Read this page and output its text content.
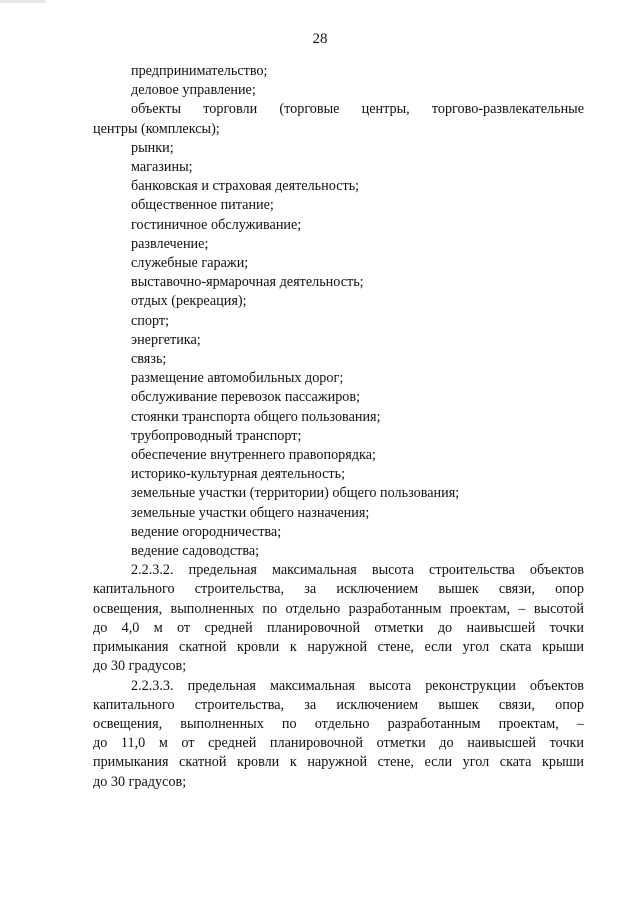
28

предпринимательство;

деловое управление;

объекты торговли (торговые центры, торгово-развлекательные
центры (комплексы);

рынки;

магазины;

банковская и страховая деятельность;

общественное питание;

гостиничное обслуживание;

развлечение;

служебные гаражи;

выставочно-ярмарочная деятельность;

отдых (рекреация);

спорт;

энергетика;

связь;

размещение автомобильных дорог;

обслуживание перевозок пассажиров;

стоянки транспорта общего пользования;

трубопроводный транспорт;

обеспечение внутреннего правопорядка;

историко-культурная деятельность;

земельные участки (территории) общего пользования;

земельные участки общего назначения;

ведение огородничества;

ведение садоводства;

2.2.3.2. предельная максимальная высота строительства объектов
капитального строительства, за исключением вышек связи, опор
освещения, выполненных по отдельно разработанным проектам, – высотой
до 4,0 м от средней планировочной отметки до наивысшей точки
примыкания скатной кровли к наружной стене, если угол ската крыши
до 30 градусов;
2.2.3.3. предельная максимальная высота реконструкции объектов
капитального строительства, за исключением вышек связи, опор
освещения, выполненных по отдельно разработанным проектам, –
до 11,0 м от средней планировочной отметки до наивысшей точки
примыкания скатной кровли к наружной стене, если угол ската крыши
до 30 градусов;
